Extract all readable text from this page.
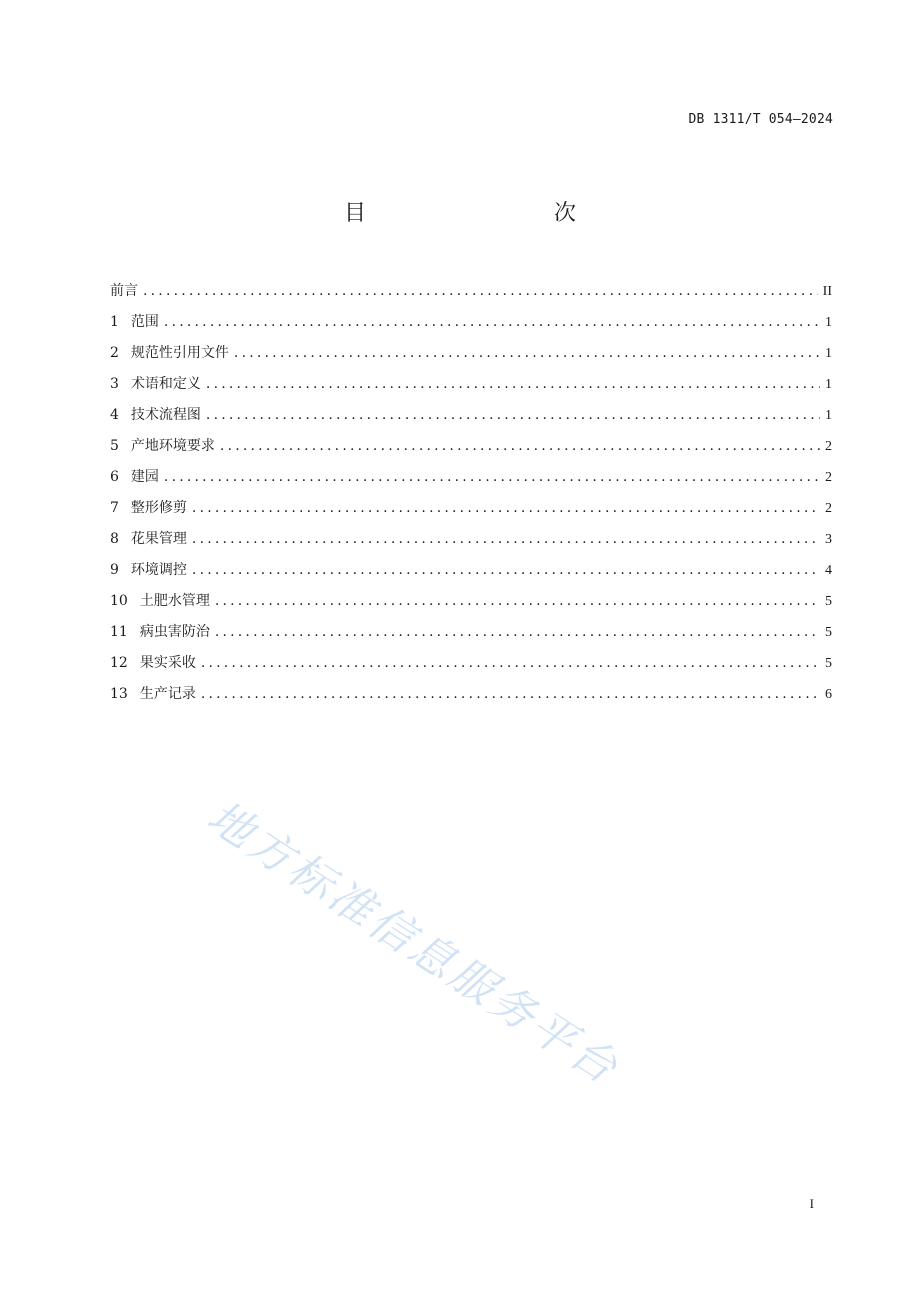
DB 1311/T 054—2024
目　　次
前言 .....	II
1 范围 .....	1
2 规范性引用文件 .....	1
3 术语和定义 .....	1
4 技术流程图 .....	1
5 产地环境要求 .....	2
6 建园 .....	2
7 整形修剪 .....	2
8 花果管理 .....	3
9 环境调控 .....	4
10 土肥水管理 .....	5
11 病虫害防治 .....	5
12 果实采收 .....	5
13 生产记录 .....	6
地方标准信息服务平台
I
